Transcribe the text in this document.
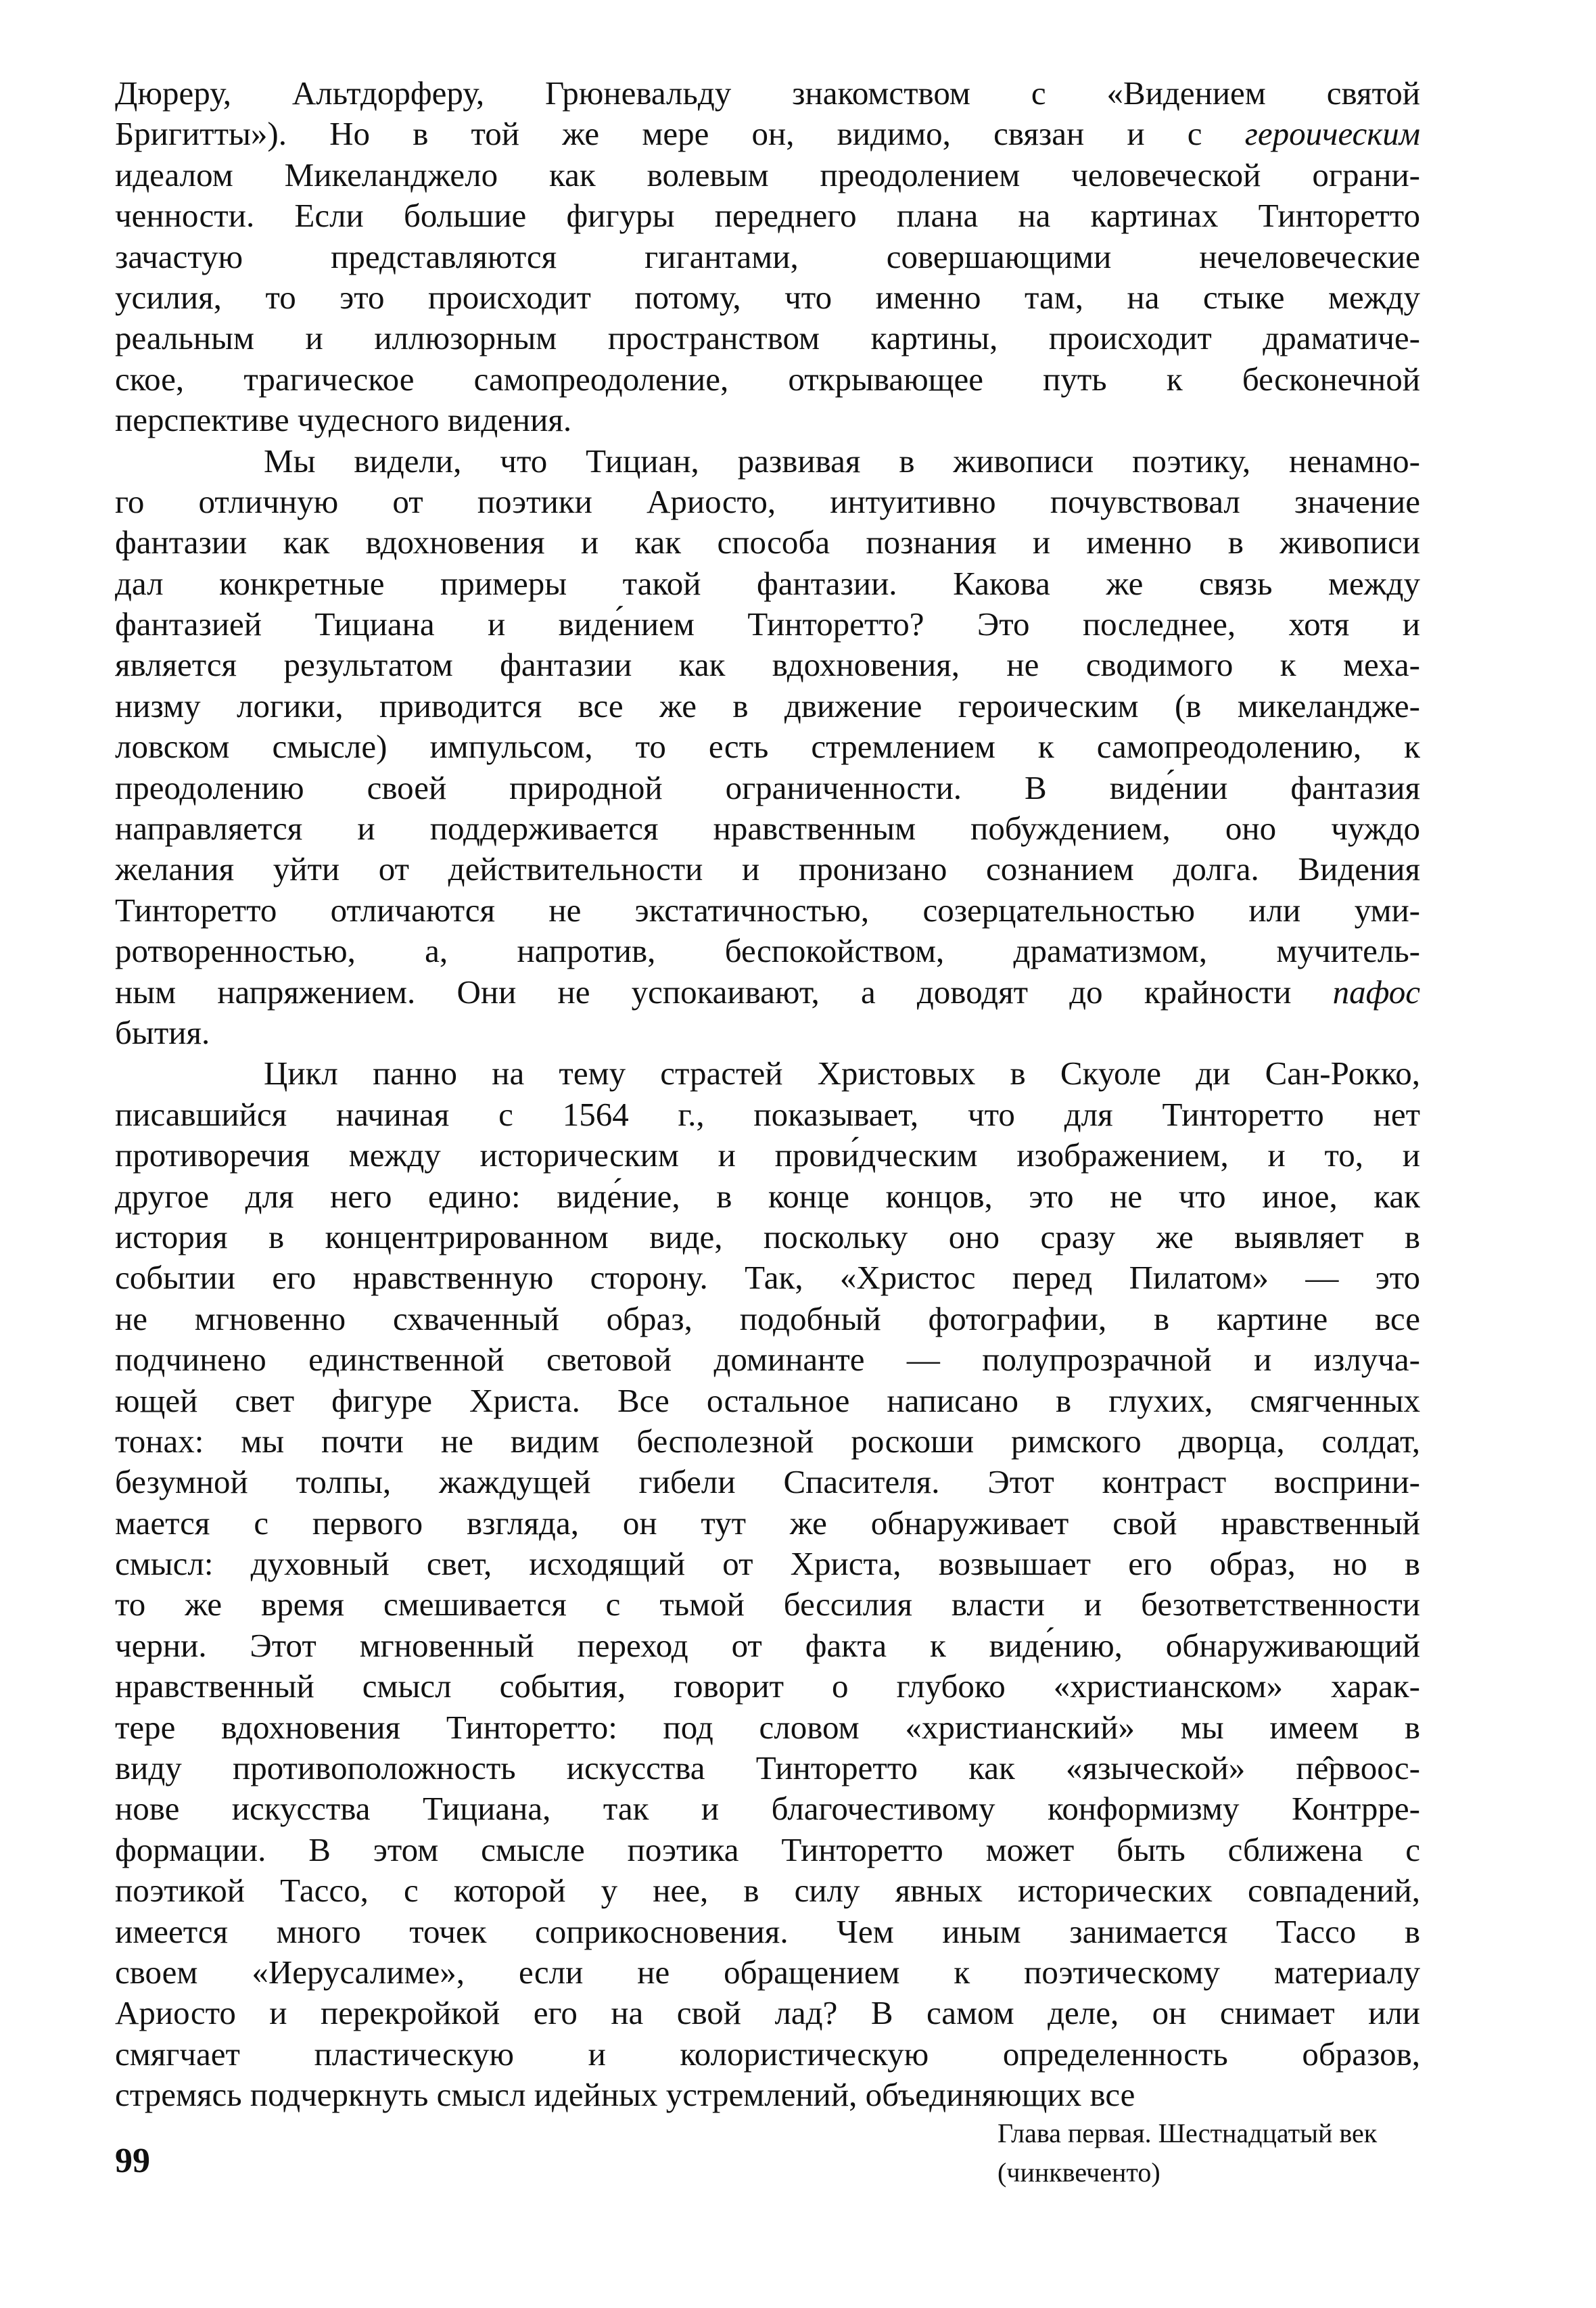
Дюреру, Альтдорферу, Грюневальду знакомством с «Видением святой
Бригитты»). Но в той же мере он, видимо, связан и с героическим
идеалом Микеланджело как волевым преодолением человеческой ограни-
ченности. Если большие фигуры переднего плана на картинах Тинторетто
зачастую представляются гигантами, совершающими нечеловеческие
усилия, то это происходит потому, что именно там, на стыке между
реальным и иллюзорным пространством картины, происходит драматиче-
ское, трагическое самопреодоление, открывающее путь к бесконечной
перспективе чудесного видения.
Мы видели, что Тициан, развивая в живописи поэтику, ненамно-
го отличную от поэтики Ариосто, интуитивно почувствовал значение
фантазии как вдохновения и как способа познания и именно в живописи
дал конкретные примеры такой фантазии. Какова же связь между
фантазией Тициана и виде́нием Тинторетто? Это последнее, хотя и
является результатом фантазии как вдохновения, не сводимого к меха-
низму логики, приводится все же в движение героическим (в микеландже-
ловском смысле) импульсом, то есть стремлением к самопреодолению, к
преодолению своей природной ограниченности. В виде́нии фантазия
направляется и поддерживается нравственным побуждением, оно чуждо
желания уйти от действительности и пронизано сознанием долга. Видения
Тинторетто отличаются не экстатичностью, созерцательностью или уми-
ротворенностью, а, напротив, беспокойством, драматизмом, мучитель-
ным напряжением. Они не успокаивают, а доводят до крайности пафос
бытия.
Цикл панно на тему страстей Христовых в Скуоле ди Сан-Рокко,
писавшийся начиная с 1564 г., показывает, что для Тинторетто нет
противоречия между историческим и прови́дческим изображением, и то, и
другое для него едино: виде́ние, в конце концов, это не что иное, как
история в концентрированном виде, поскольку оно сразу же выявляет в
событии его нравственную сторону. Так, «Христос перед Пилатом» — это
не мгновенно схваченный образ, подобный фотографии, в картине все
подчинено единственной световой доминанте — полупрозрачной и излуча-
ющей свет фигуре Христа. Все остальное написано в глухих, смягченных
тонах: мы почти не видим бесполезной роскоши римского дворца, солдат,
безумной толпы, жаждущей гибели Спасителя. Этот контраст восприни-
мается с первого взгляда, он тут же обнаруживает свой нравственный
смысл: духовный свет, исходящий от Христа, возвышает его образ, но в
то же время смешивается с тьмой бессилия власти и безответственности
черни. Этот мгновенный переход от факта к виде́нию, обнаруживающий
нравственный смысл события, говорит о глубоко «христианском» харак-
тере вдохновения Тинторетто: под словом «христианский» мы имеем в
виду противоположность искусства Тинторетто как «языческой» пе̂рвоос-
нове искусства Тициана, так и благочестивому конформизму Контрре-
формации. В этом смысле поэтика Тинторетто может быть сближена с
поэтикой Тассо, с которой у нее, в силу явных исторических совпадений,
имеется много точек соприкосновения. Чем иным занимается Тассо в
своем «Иерусалиме», если не обращением к поэтическому материалу
Ариосто и перекройкой его на свой лад? В самом деле, он снимает или
смягчает пластическую и колористическую определенность образов,
стремясь подчеркнуть смысл идейных устремлений, объединяющих все
99
Глава первая. Шестнадцатый век
(чинквеченто)
